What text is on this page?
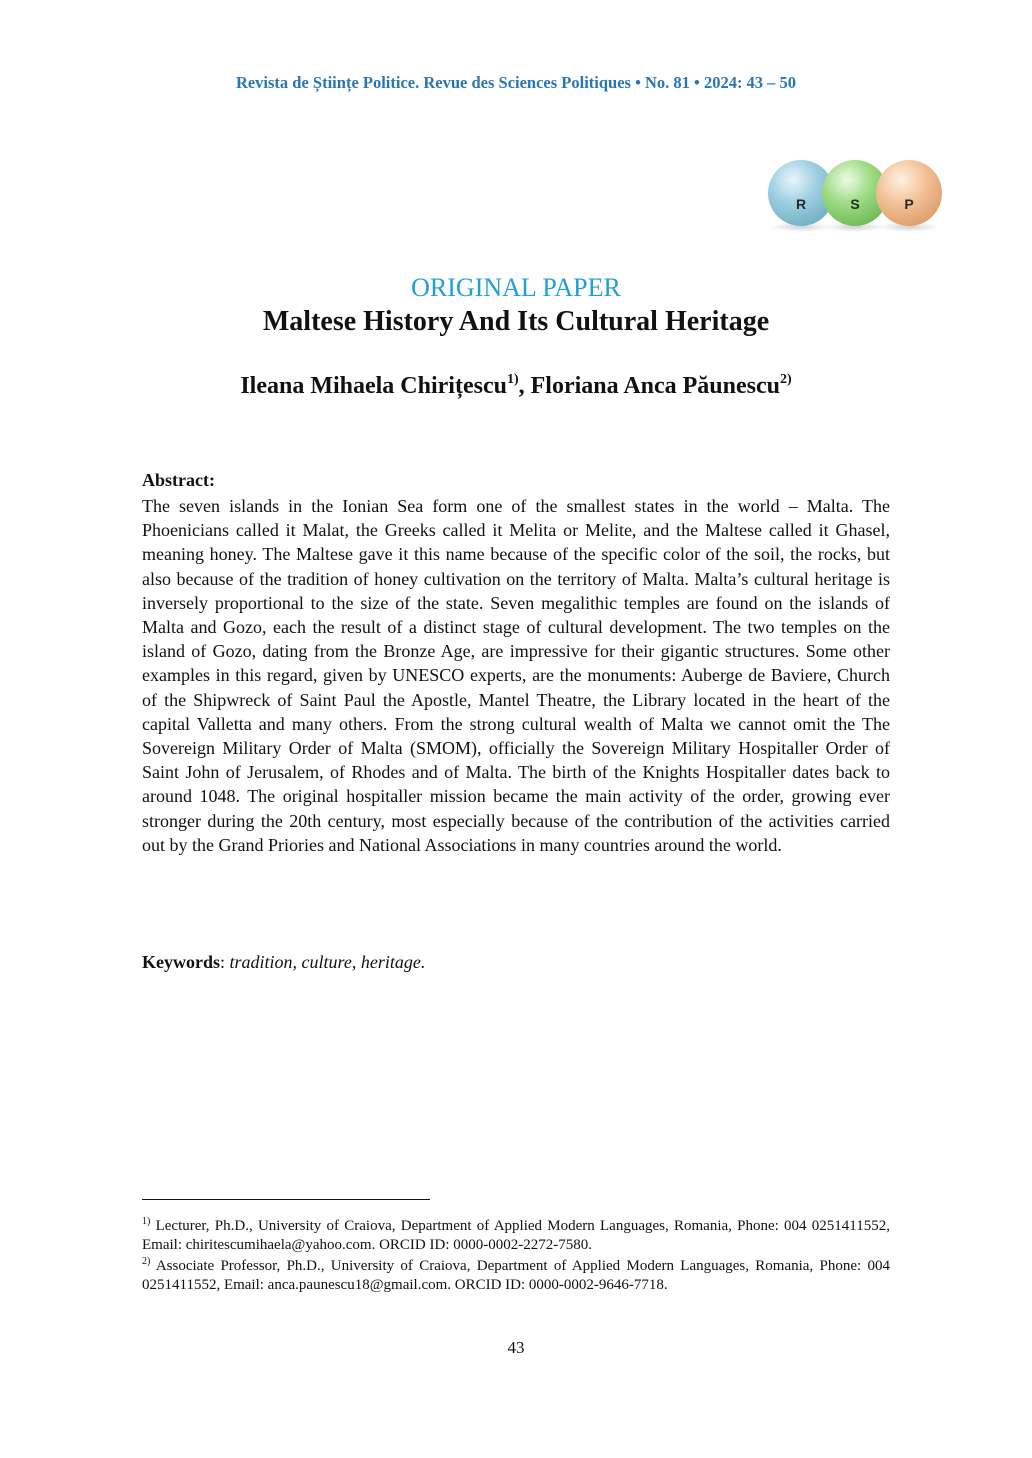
Revista de Științe Politice. Revue des Sciences Politiques • No. 81 • 2024: 43 – 50
R	S	P
ORIGINAL PAPER
Maltese History And Its Cultural Heritage
Ileana Mihaela Chirițescu$^{1)}$, Floriana Anca Păunescu$^{2)}$
Abstract:

The seven islands in the Ionian Sea form one of the smallest states in the world – Malta. The Phoenicians called it Malat, the Greeks called it Melita or Melite, and the Maltese called it Ghasel, meaning honey. The Maltese gave it this name because of the specific color of the soil, the rocks, but also because of the tradition of honey cultivation on the territory of Malta. Malta’s cultural heritage is inversely proportional to the size of the state. Seven megalithic temples are found on the islands of Malta and Gozo, each the result of a distinct stage of cultural development. The two temples on the island of Gozo, dating from the Bronze Age, are impressive for their gigantic structures. Some other examples in this regard, given by UNESCO experts, are the monuments: Auberge de Baviere, Church of the Shipwreck of Saint Paul the Apostle, Mantel Theatre, the Library located in the heart of the capital Valletta and many others. From the strong cultural wealth of Malta we cannot omit the The Sovereign Military Order of Malta (SMOM), officially the Sovereign Military Hospitaller Order of Saint John of Jerusalem, of Rhodes and of Malta. The birth of the Knights Hospitaller dates back to around 1048. The original hospitaller mission became the main activity of the order, growing ever stronger during the 20th century, most especially because of the contribution of the activities carried out by the Grand Priories and National Associations in many countries around the world.

Keywords: tradition, culture, heritage.

$^{1)}$ Lecturer, Ph.D., University of Craiova, Department of Applied Modern Languages, Romania, Phone: 004 0251411552, Email: chiritescumihaela@yahoo.com. ORCID ID: 0000-0002-2272-7580.

$^{2)}$ Associate Professor, Ph.D., University of Craiova, Department of Applied Modern Languages, Romania, Phone: 004 0251411552, Email: anca.paunescu18@gmail.com. ORCID ID: 0000-0002-9646-7718.

43
